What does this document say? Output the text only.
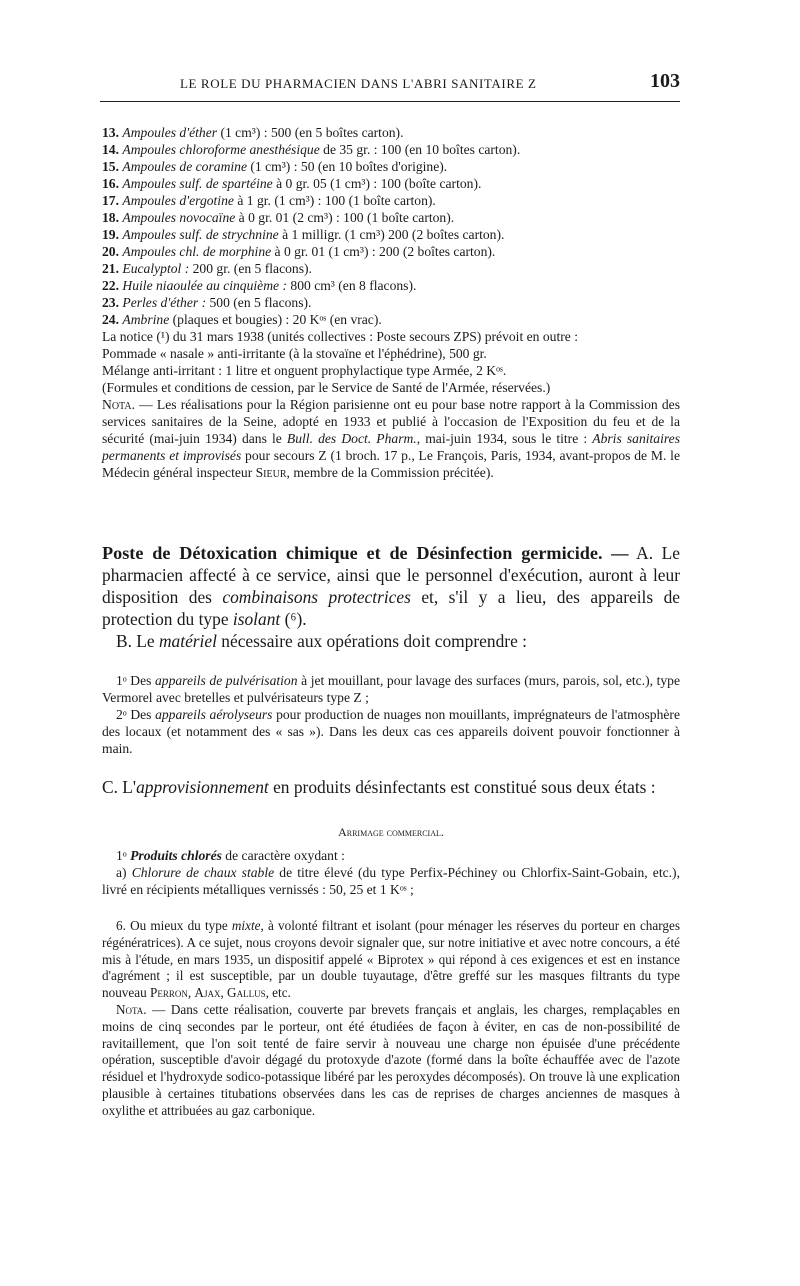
LE ROLE DU PHARMACIEN DANS L'ABRI SANITAIRE Z	103
13. Ampoules d'éther (1 cm³) : 500 (en 5 boîtes carton).
14. Ampoules chloroforme anesthésique de 35 gr. : 100 (en 10 boîtes carton).
15. Ampoules de coramine (1 cm³) : 50 (en 10 boîtes d'origine).
16. Ampoules sulf. de spartéine à 0 gr. 05 (1 cm³) : 100 (boîte carton).
17. Ampoules d'ergotine à 1 gr. (1 cm³) : 100 (1 boîte carton).
18. Ampoules novocaïne à 0 gr. 01 (2 cm³) : 100 (1 boîte carton).
19. Ampoules sulf. de strychnine à 1 milligr. (1 cm³) 200 (2 boîtes carton).
20. Ampoules chl. de morphine à 0 gr. 01 (1 cm³) : 200 (2 boîtes carton).
21. Eucalyptol : 200 gr. (en 5 flacons).
22. Huile niaoulée au cinquième : 800 cm³ (en 8 flacons).
23. Perles d'éther : 500 (en 5 flacons).
24. Ambrine (plaques et bougies) : 20 Kᵒˢ (en vrac).

La notice (¹) du 31 mars 1938 (unités collectives : Poste secours ZPS) prévoit en outre :

Pommade « nasale » anti-irritante (à la stovaïne et l'éphédrine), 500 gr.

Mélange anti-irritant : 1 litre et onguent prophylactique type Armée, 2 Kᵒˢ.

(Formules et conditions de cession, par le Service de Santé de l'Armée, réservées.)

Nota. — Les réalisations pour la Région parisienne ont eu pour base notre rapport à la Commission des services sanitaires de la Seine, adopté en 1933 et publié à l'occasion de l'Exposition du feu et de la sécurité (mai-juin 1934) dans le Bull. des Doct. Pharm., mai-juin 1934, sous le titre : Abris sanitaires permanents et improvisés pour secours Z (1 broch. 17 p., Le François, Paris, 1934, avant-propos de M. le Médecin général inspecteur Sieur, membre de la Commission précitée).

Poste de Détoxication chimique et de Désinfection germicide. — A. Le pharmacien affecté à ce service, ainsi que le personnel d'exécution, auront à leur disposition des combinaisons protectrices et, s'il y a lieu, des appareils de protection du type isolant (⁶).

B. Le matériel nécessaire aux opérations doit comprendre :

1ᵒ Des appareils de pulvérisation à jet mouillant, pour lavage des surfaces (murs, parois, sol, etc.), type Vermorel avec bretelles et pulvérisateurs type Z ;

2ᵒ Des appareils aérolyseurs pour production de nuages non mouillants, imprégnateurs de l'atmosphère des locaux (et notamment des « sas »). Dans les deux cas ces appareils doivent pouvoir fonctionner à main.

C. L'approvisionnement en produits désinfectants est constitué sous deux états :

Arrimage commercial.

1ᵒ Produits chlorés de caractère oxydant :

a) Chlorure de chaux stable de titre élevé (du type Perfix-Péchiney ou Chlorfix-Saint-Gobain, etc.), livré en récipients métalliques vernissés : 50, 25 et 1 Kᵒˢ ;

6. Ou mieux du type mixte, à volonté filtrant et isolant (pour ménager les réserves du porteur en charges régénératrices). A ce sujet, nous croyons devoir signaler que, sur notre initiative et avec notre concours, a été mis à l'étude, en mars 1935, un dispositif appelé « Biprotex » qui répond à ces exigences et est en instance d'agrément ; il est susceptible, par un double tuyautage, d'être greffé sur les masques filtrants du type nouveau Perron, Ajax, Gallus, etc.

Nota. — Dans cette réalisation, couverte par brevets français et anglais, les charges, remplaçables en moins de cinq secondes par le porteur, ont été étudiées de façon à éviter, en cas de non-possibilité de ravitaillement, que l'on soit tenté de faire servir à nouveau une charge non épuisée d'une précédente opération, susceptible d'avoir dégagé du protoxyde d'azote (formé dans la boîte échauffée avec de l'azote résiduel et l'hydroxyde sodico-potassique libéré par les peroxydes décomposés). On trouve là une explication plausible à certaines titubations observées dans les cas de reprises de charges anciennes de masques à oxylithe et attribuées au gaz carbonique.
